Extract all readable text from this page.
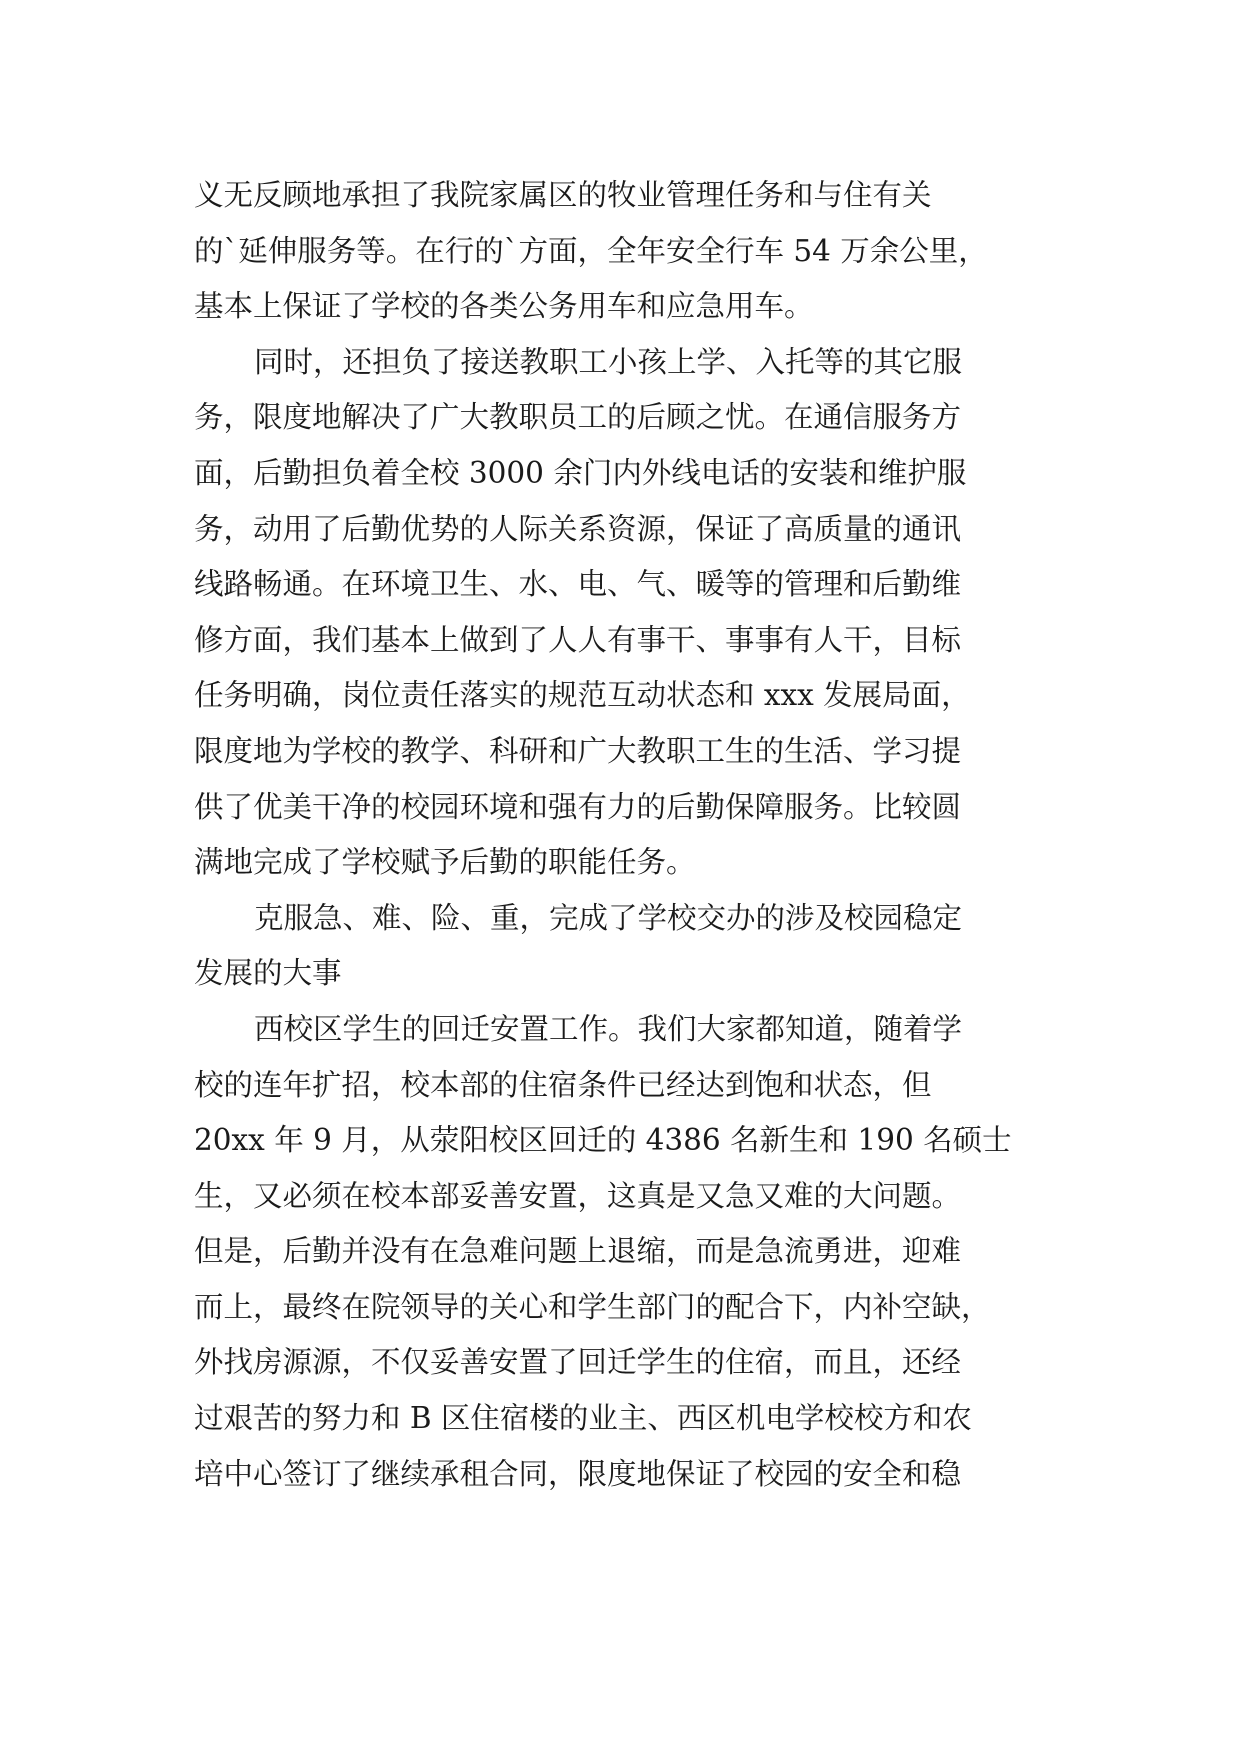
义无反顾地承担了我院家属区的牧业管理任务和与住有关
的`延伸服务等。在行的`方面，全年安全行车 54 万余公里，
基本上保证了学校的各类公务用车和应急用车。
同时，还担负了接送教职工小孩上学、入托等的其它服
务，限度地解决了广大教职员工的后顾之忧。在通信服务方
面，后勤担负着全校 3000 余门内外线电话的安装和维护服
务，动用了后勤优势的人际关系资源，保证了高质量的通讯
线路畅通。在环境卫生、水、电、气、暖等的管理和后勤维
修方面，我们基本上做到了人人有事干、事事有人干，目标
任务明确，岗位责任落实的规范互动状态和 xxx 发展局面，
限度地为学校的教学、科研和广大教职工生的生活、学习提
供了优美干净的校园环境和强有力的后勤保障服务。比较圆
满地完成了学校赋予后勤的职能任务。
克服急、难、险、重，完成了学校交办的涉及校园稳定
发展的大事
西校区学生的回迁安置工作。我们大家都知道，随着学
校的连年扩招，校本部的住宿条件已经达到饱和状态，但
20xx 年 9 月，从荥阳校区回迁的 4386 名新生和 190 名硕士
生，又必须在校本部妥善安置，这真是又急又难的大问题。
但是，后勤并没有在急难问题上退缩，而是急流勇进，迎难
而上，最终在院领导的关心和学生部门的配合下，内补空缺，
外找房源源，不仅妥善安置了回迁学生的住宿，而且，还经
过艰苦的努力和 B 区住宿楼的业主、西区机电学校校方和农
培中心签订了继续承租合同，限度地保证了校园的安全和稳
